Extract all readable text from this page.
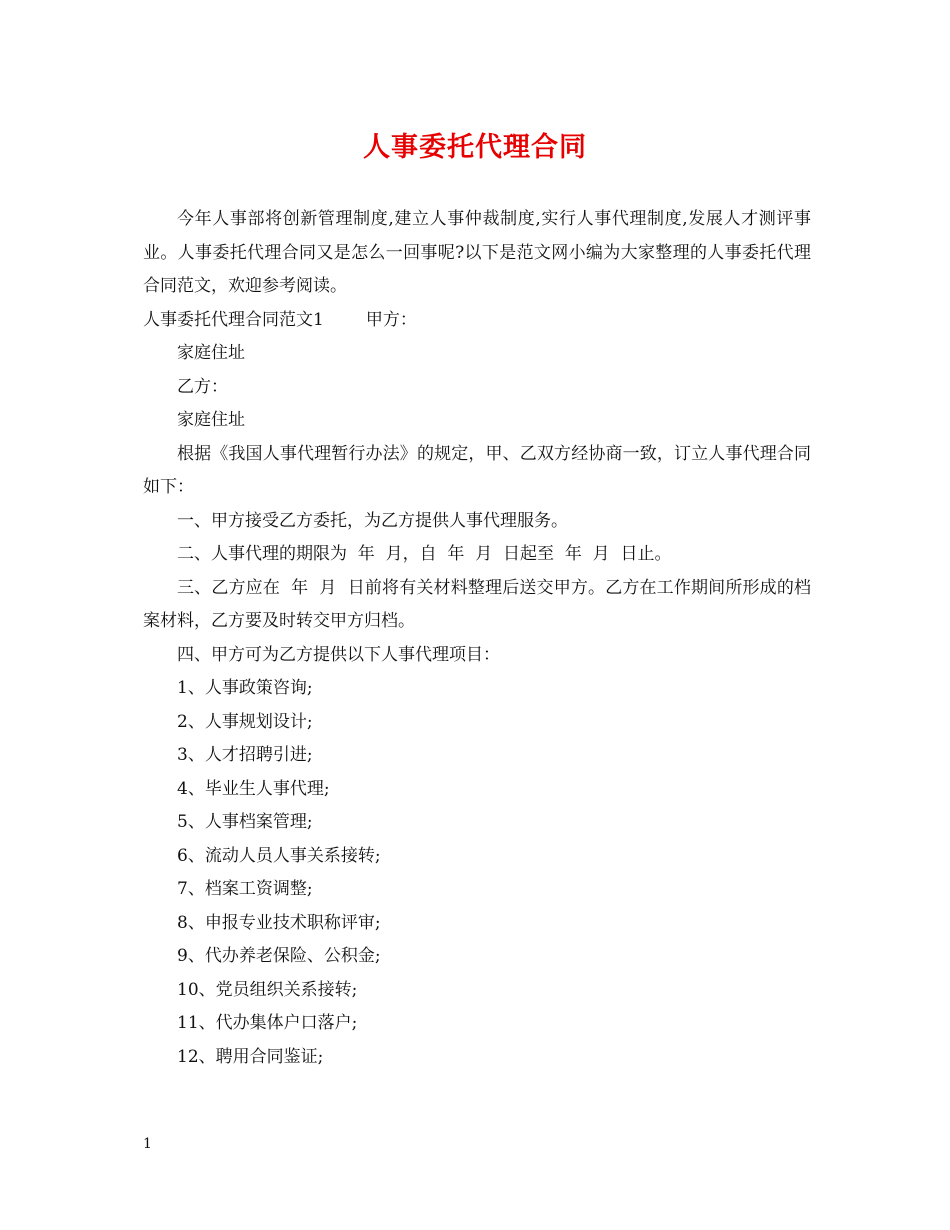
人事委托代理合同

今年人事部将创新管理制度,建立人事仲裁制度,实行人事代理制度,发展人才测评事业。人事委托代理合同又是怎么一回事呢?以下是范文网小编为大家整理的人事委托代理合同范文，欢迎参考阅读。

人事委托代理合同范文1 甲方：

家庭住址

乙方：

家庭住址

根据《我国人事代理暂行办法》的规定，甲、乙双方经协商一致，订立人事代理合同如下：

一、甲方接受乙方委托，为乙方提供人事代理服务。

二、人事代理的期限为  年  月，自  年  月  日起至  年  月  日止。

三、乙方应在  年  月  日前将有关材料整理后送交甲方。乙方在工作期间所形成的档案材料，乙方要及时转交甲方归档。

四、甲方可为乙方提供以下人事代理项目：

1、人事政策咨询;

2、人事规划设计;

3、人才招聘引进;

4、毕业生人事代理;

5、人事档案管理;

6、流动人员人事关系接转;

7、档案工资调整;

8、申报专业技术职称评审;

9、代办养老保险、公积金;

10、党员组织关系接转;

11、代办集体户口落户;

12、聘用合同鉴证;

1
